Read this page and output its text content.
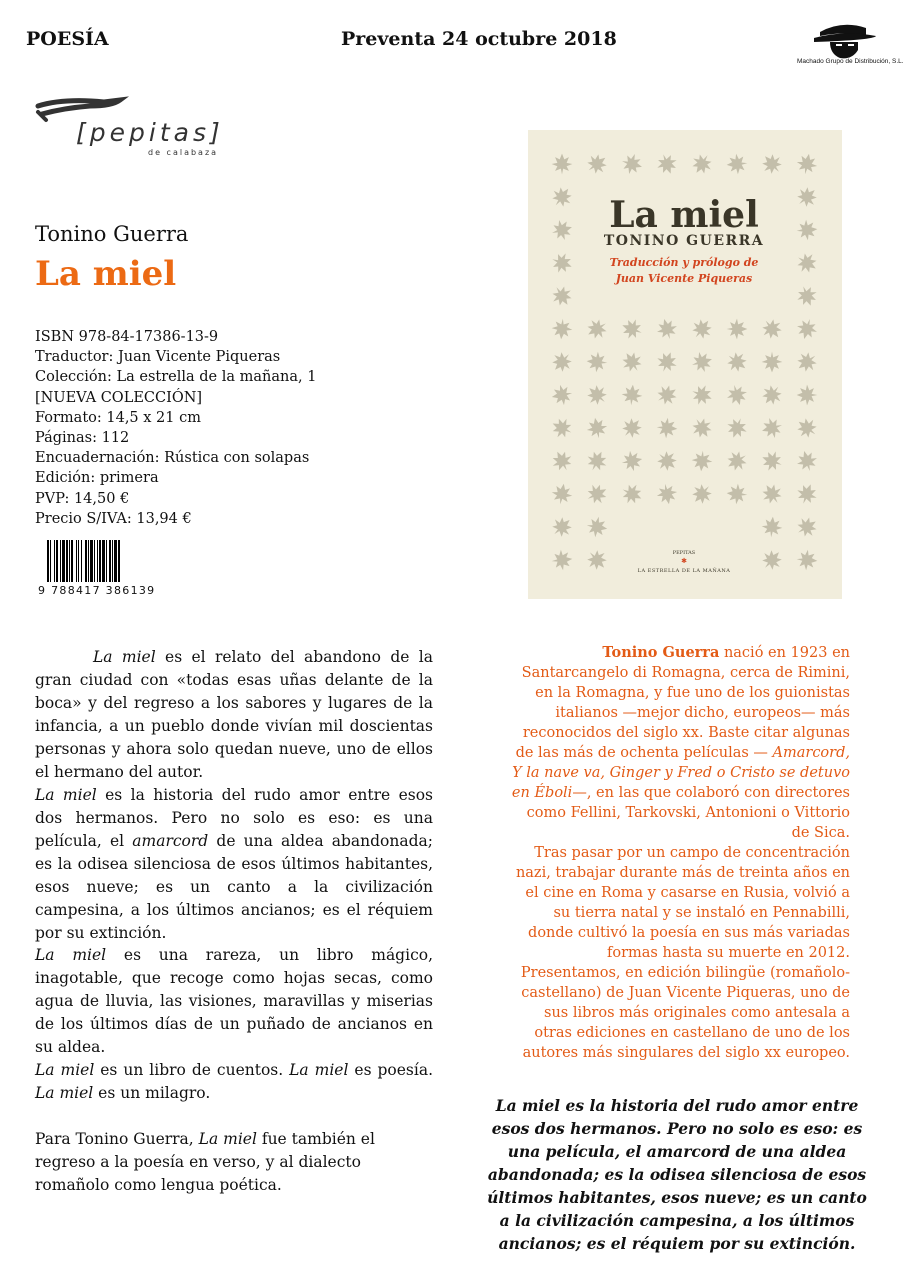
POESÍA	Preventa 24 octubre 2018
Machado Grupo de Distribución, S.L.
[pepitas]
de calabaza
Tonino Guerra
La miel
ISBN 978-84-17386-13-9
Traductor: Juan Vicente Piqueras
Colección: La estrella de la mañana, 1
[NUEVA COLECCIÓN]
Formato: 14,5 x 21 cm
Páginas: 112
Encuadernación: Rústica con solapas
Edición: primera
PVP: 14,50 €
Precio S/IVA: 13,94 €
9 788417 386139
La miel
TONINO GUERRA
Traducción y prólogo de
Juan Vicente Piqueras
PEPITAS
✱
LA ESTRELLA DE LA MAÑANA
La miel es el relato del abandono de la gran ciudad con «todas esas uñas delante de la boca» y del regreso a los sabores y lugares de la infancia, a un pueblo donde vivían mil doscientas personas y ahora solo quedan nueve, uno de ellos el hermano del autor.
La miel es la historia del rudo amor entre esos dos hermanos. Pero no solo es eso: es una película, el amarcord de una aldea abandonada; es la odisea silenciosa de esos últimos habitantes, esos nueve; es un canto a la civilización campesina, a los últimos ancianos; es el réquiem por su extinción.
La miel es una rareza, un libro mágico, inagotable, que recoge como hojas secas, como agua de lluvia, las visiones, maravillas y miserias de los últimos días de un puñado de ancianos en su aldea.
La miel es un libro de cuentos. La miel es poesía. La miel es un milagro.
Para Tonino Guerra, La miel fue también el regreso a la poesía en verso, y al dialecto romañolo como lengua poética.
Tonino Guerra nació en 1923 en Santarcangelo di Romagna, cerca de Rimini, en la Romagna, y fue uno de los guionistas italianos —mejor dicho, europeos— más reconocidos del siglo xx. Baste citar algunas de las más de ochenta películas — Amarcord, Y la nave va, Ginger y Fred o Cristo se detuvo en Éboli—, en las que colaboró con directores como Fellini, Tarkovski, Antonioni o Vittorio de Sica.
Tras pasar por un campo de concentración nazi, trabajar durante más de treinta años en el cine en Roma y casarse en Rusia, volvió a su tierra natal y se instaló en Pennabilli, donde cultivó la poesía en sus más variadas formas hasta su muerte en 2012.
Presentamos, en edición bilingüe (romañolo-castellano) de Juan Vicente Piqueras, uno de sus libros más originales como antesala a otras ediciones en castellano de uno de los autores más singulares del siglo xx europeo.
La miel es la historia del rudo amor entre esos dos hermanos. Pero no solo es eso: es una película, el amarcord de una aldea abandonada; es la odisea silenciosa de esos últimos habitantes, esos nueve; es un canto a la civilización campesina, a los últimos ancianos; es el réquiem por su extinción.
